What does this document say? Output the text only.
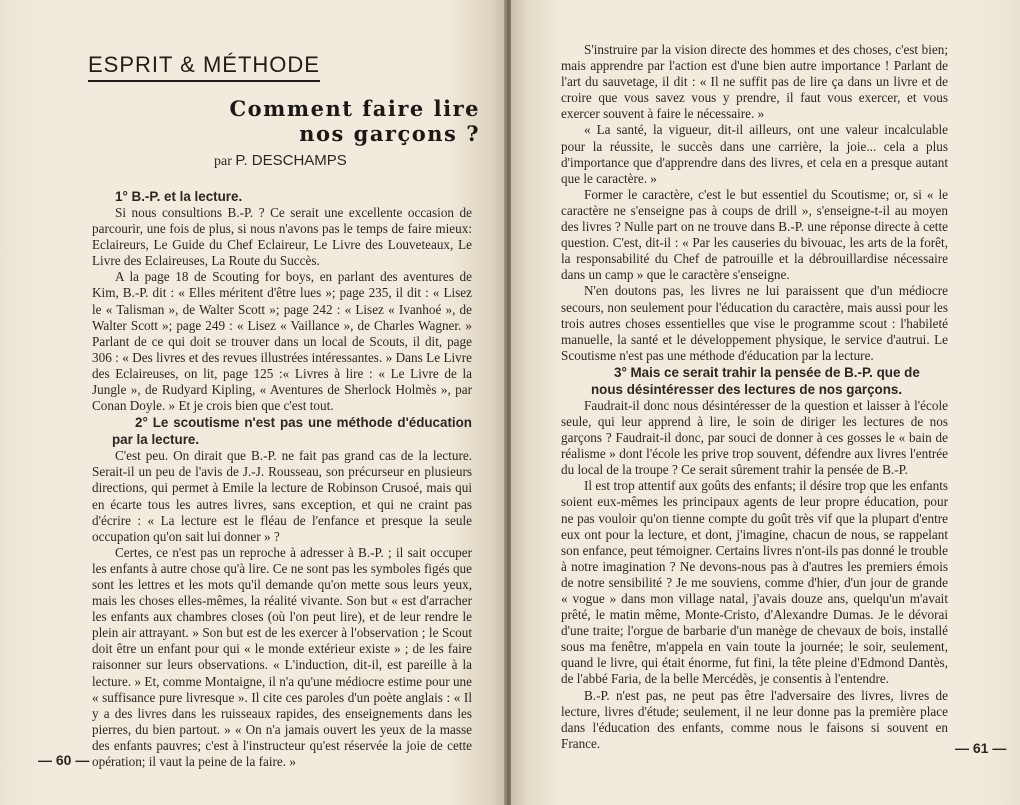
ESPRIT & MÉTHODE
Comment faire lire
nos garçons ?
par P. DESCHAMPS

1° B.-P. et la lecture.

Si nous consultions B.-P. ? Ce serait une excellente occasion de parcourir, une fois de plus, si nous n'avons pas le temps de faire mieux: Eclaireurs, Le Guide du Chef Eclaireur, Le Livre des Louveteaux, Le Livre des Eclaireuses, La Route du Succès.

A la page 18 de Scouting for boys, en parlant des aventures de Kim, B.-P. dit : « Elles méritent d'être lues »; page 235, il dit : « Lisez le « Talisman », de Walter Scott »; page 242 : « Lisez « Ivanhoé », de Walter Scott »; page 249 : « Lisez « Vaillance », de Charles Wagner. » Parlant de ce qui doit se trouver dans un local de Scouts, il dit, page 306 : « Des livres et des revues illustrées intéressantes. » Dans Le Livre des Eclaireuses, on lit, page 125 :« Livres à lire : « Le Livre de la Jungle », de Rudyard Kipling, « Aventures de Sherlock Holmès », par Conan Doyle. » Et je crois bien que c'est tout.

2° Le scoutisme n'est pas une méthode d'éducation par la lecture.

C'est peu. On dirait que B.-P. ne fait pas grand cas de la lecture. Serait-il un peu de l'avis de J.-J. Rousseau, son précurseur en plusieurs directions, qui permet à Emile la lecture de Robinson Crusoé, mais qui en écarte tous les autres livres, sans exception, et qui ne craint pas d'écrire : « La lecture est le fléau de l'enfance et presque la seule occupation qu'on sait lui donner » ?

Certes, ce n'est pas un reproche à adresser à B.-P. ; il sait occuper les enfants à autre chose qu'à lire. Ce ne sont pas les symboles figés que sont les lettres et les mots qu'il demande qu'on mette sous leurs yeux, mais les choses elles-mêmes, la réalité vivante. Son but « est d'arracher les enfants aux chambres closes (où l'on peut lire), et de leur rendre le plein air attrayant. » Son but est de les exercer à l'observation ; le Scout doit être un enfant pour qui « le monde extérieur existe » ; de les faire raisonner sur leurs observations. « L'induction, dit-il, est pareille à la lecture. » Et, comme Montaigne, il n'a qu'une médiocre estime pour une « suffisance pure livresque ». Il cite ces paroles d'un poète anglais : « Il y a des livres dans les ruisseaux rapides, des enseignements dans les pierres, du bien partout. » « On n'a jamais ouvert les yeux de la masse des enfants pauvres; c'est à l'instructeur qu'est réservée la joie de cette opération; il vaut la peine de la faire. »

— 60 —
— 61 —

S'instruire par la vision directe des hommes et des choses, c'est bien; mais apprendre par l'action est d'une bien autre importance ! Parlant de l'art du sauvetage, il dit : « Il ne suffit pas de lire ça dans un livre et de croire que vous savez vous y prendre, il faut vous exercer, et vous exercer souvent à faire le nécessaire. »

« La santé, la vigueur, dit-il ailleurs, ont une valeur incalculable pour la réussite, le succès dans une carrière, la joie... cela a plus d'importance que d'apprendre dans des livres, et cela en a presque autant que le caractère. »

Former le caractère, c'est le but essentiel du Scoutisme; or, si « le caractère ne s'enseigne pas à coups de drill », s'enseigne-t-il au moyen des livres ? Nulle part on ne trouve dans B.-P. une réponse directe à cette question. C'est, dit-il : « Par les causeries du bivouac, les arts de la forêt, la responsabilité du Chef de patrouille et la débrouillardise nécessaire dans un camp » que le caractère s'enseigne.

N'en doutons pas, les livres ne lui paraissent que d'un médiocre secours, non seulement pour l'éducation du caractère, mais aussi pour les trois autres choses essentielles que vise le programme scout : l'habileté manuelle, la santé et le développement physique, le service d'autrui. Le Scoutisme n'est pas une méthode d'éducation par la lecture.

3° Mais ce serait trahir la pensée de B.-P. que de nous désintéresser des lectures de nos garçons.

Faudrait-il donc nous désintéresser de la question et laisser à l'école seule, qui leur apprend à lire, le soin de diriger les lectures de nos garçons ? Faudrait-il donc, par souci de donner à ces gosses le « bain de réalisme » dont l'école les prive trop souvent, défendre aux livres l'entrée du local de la troupe ? Ce serait sûrement trahir la pensée de B.-P.

Il est trop attentif aux goûts des enfants; il désire trop que les enfants soient eux-mêmes les principaux agents de leur propre éducation, pour ne pas vouloir qu'on tienne compte du goût très vif que la plupart d'entre eux ont pour la lecture, et dont, j'imagine, chacun de nous, se rappelant son enfance, peut témoigner. Certains livres n'ont-ils pas donné le trouble à notre imagination ? Ne devons-nous pas à d'autres les premiers émois de notre sensibilité ? Je me souviens, comme d'hier, d'un jour de grande « vogue » dans mon village natal, j'avais douze ans, quelqu'un m'avait prêté, le matin même, Monte-Cristo, d'Alexandre Dumas. Je le dévorai d'une traite; l'orgue de barbarie d'un manège de chevaux de bois, installé sous ma fenêtre, m'appela en vain toute la journée; le soir, seulement, quand le livre, qui était énorme, fut fini, la tête pleine d'Edmond Dantès, de l'abbé Faria, de la belle Mercédès, je consentis à l'entendre.

B.-P. n'est pas, ne peut pas être l'adversaire des livres, livres de lecture, livres d'étude; seulement, il ne leur donne pas la première place dans l'éducation des enfants, comme nous le faisons si souvent en France.
